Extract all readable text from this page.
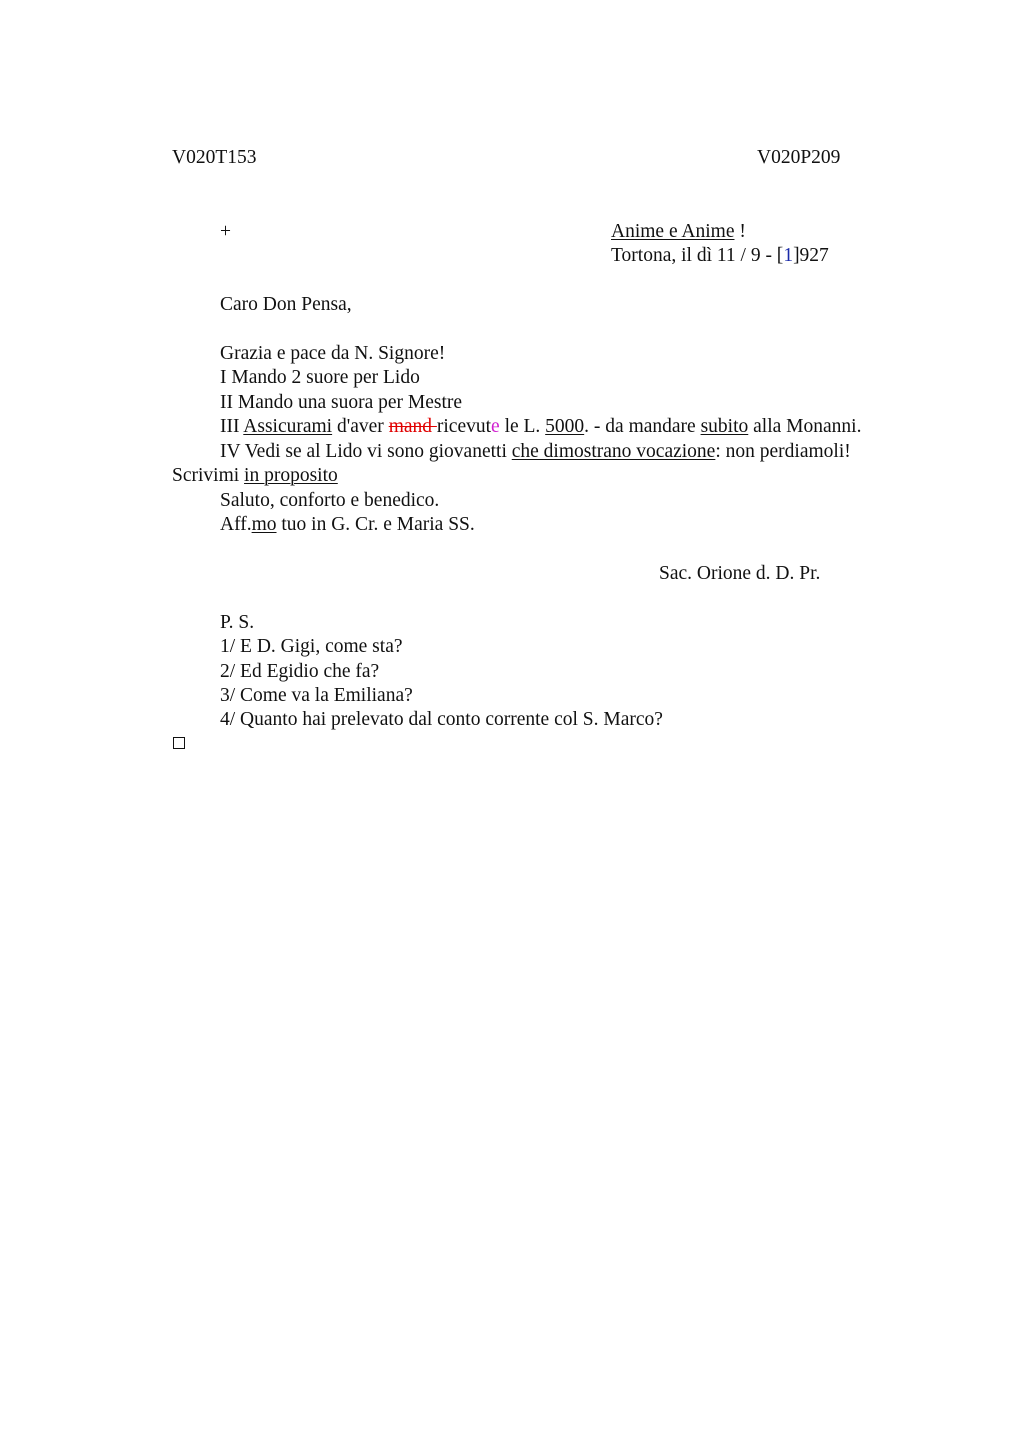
V020T153	V020P209
+	Anime e Anime !
Tortona, il dì 11 / 9 - [1]927
Caro Don Pensa,
Grazia e pace da N. Signore!
I Mando 2 suore per Lido
II Mando una suora per Mestre
III Assicurami d'aver mand ricevute le L. 5000. - da mandare subito alla Monanni.
IV Vedi se al Lido vi sono giovanetti che dimostrano vocazione: non perdiamoli!
Scrivimi in proposito
Saluto, conforto e benedico.
Aff.mo tuo in G. Cr. e Maria SS.
Sac. Orione d. D. Pr.
P. S.
1/ E D. Gigi, come sta?
2/ Ed Egidio che fa?
3/ Come va la Emiliana?
4/ Quanto hai prelevato dal conto corrente col S. Marco?
